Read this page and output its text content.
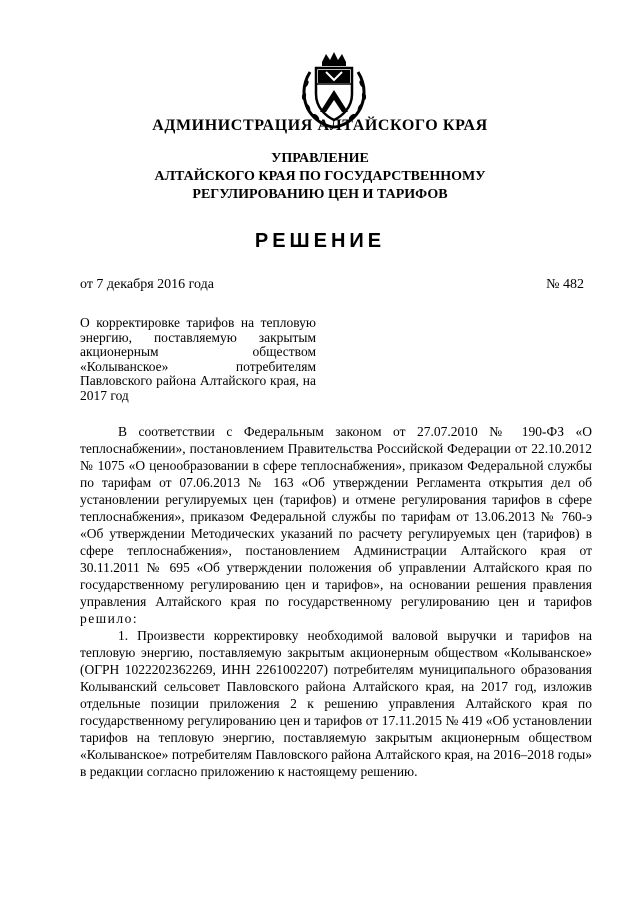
АДМИНИСТРАЦИЯ АЛТАЙСКОГО КРАЯ
УПРАВЛЕНИЕ
АЛТАЙСКОГО КРАЯ ПО ГОСУДАРСТВЕННОМУ
РЕГУЛИРОВАНИЮ ЦЕН И ТАРИФОВ
РЕШЕНИЕ
от 7 декабря 2016 года	№ 482
О корректировке тарифов на тепловую энергию, поставляемую закрытым акционерным обществом «Колыванское» потребителям Павловского района Алтайского края, на 2017 год

В соответствии с Федеральным законом от 27.07.2010 № 190-ФЗ «О теплоснабжении», постановлением Правительства Российской Федерации от 22.10.2012 № 1075 «О ценообразовании в сфере теплоснабжения», приказом Федеральной службы по тарифам от 07.06.2013 № 163 «Об утверждении Регламента открытия дел об установлении регулируемых цен (тарифов) и отмене регулирования тарифов в сфере теплоснабжения», приказом Федеральной службы по тарифам от 13.06.2013 № 760-э «Об утверждении Методических указаний по расчету регулируемых цен (тарифов) в сфере теплоснабжения», постановлением Администрации Алтайского края от 30.11.2011 № 695 «Об утверждении положения об управлении Алтайского края по государственному регулированию цен и тарифов», на основании решения правления управления Алтайского края по государственному регулированию цен и тарифов решило:

1. Произвести корректировку необходимой валовой выручки и тарифов на тепловую энергию, поставляемую закрытым акционерным обществом «Колыванское» (ОГРН 1022202362269, ИНН 2261002207) потребителям муниципального образования Колыванский сельсовет Павловского района Алтайского края, на 2017 год, изложив отдельные позиции приложения 2 к решению управления Алтайского края по государственному регулированию цен и тарифов от 17.11.2015 № 419 «Об установлении тарифов на тепловую энергию, поставляемую закрытым акционерным обществом «Колыванское» потребителям Павловского района Алтайского края, на 2016–2018 годы» в редакции согласно приложению к настоящему решению.
